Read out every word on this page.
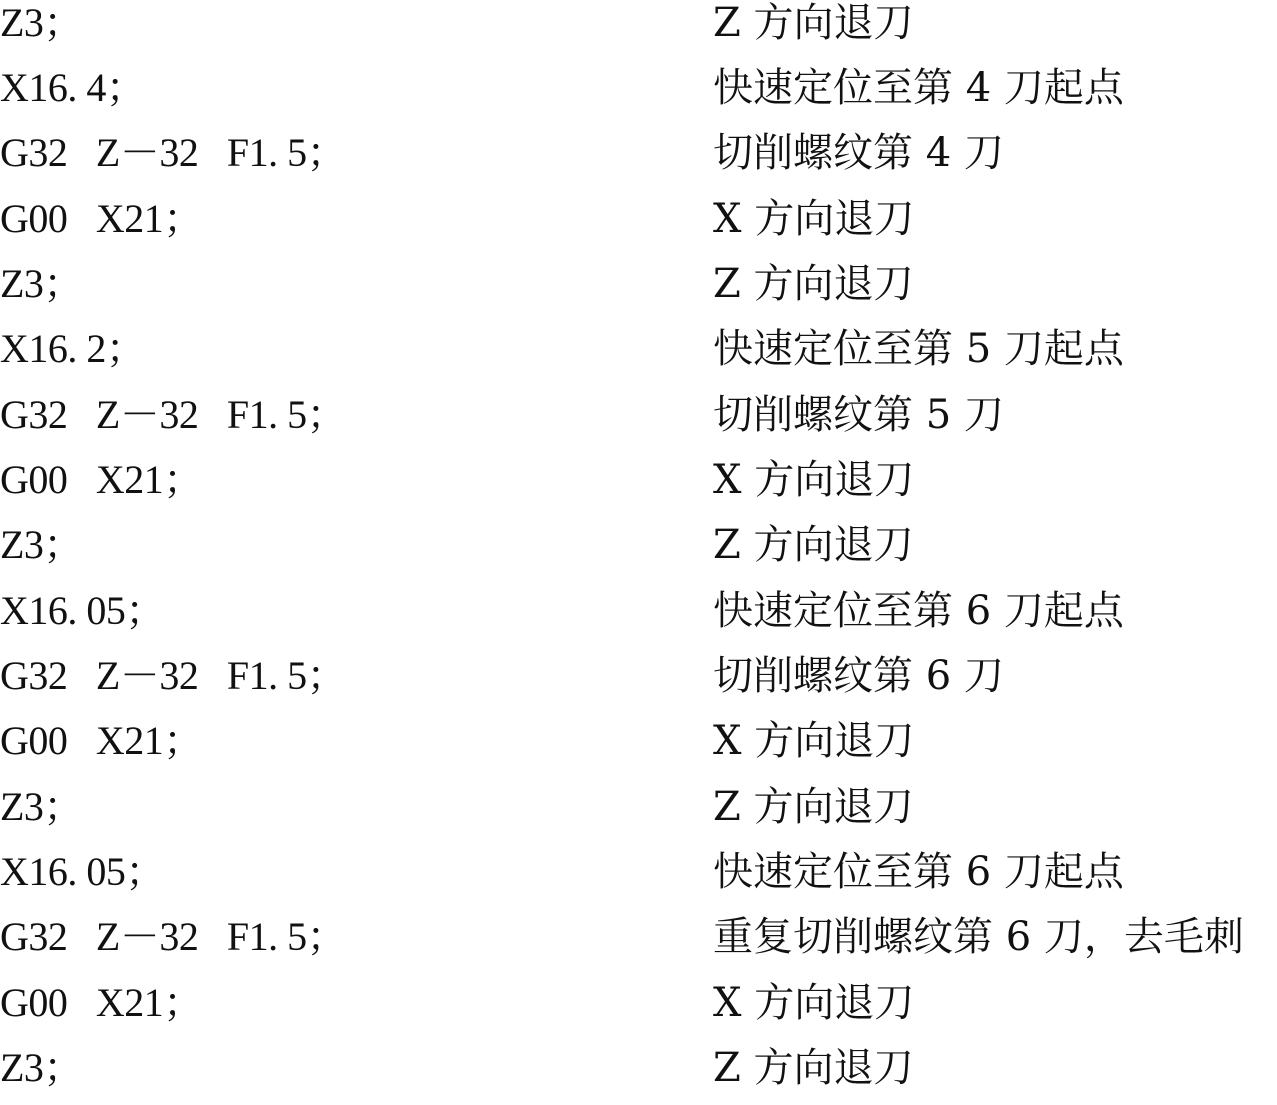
Z3；	Z 方向退刀
X16. 4；	快速定位至第 4 刀起点
G32   Z－32   F1. 5；	切削螺纹第 4 刀
G00   X21；	X 方向退刀
Z3；	Z 方向退刀
X16. 2；	快速定位至第 5 刀起点
G32   Z－32   F1. 5；	切削螺纹第 5 刀
G00   X21；	X 方向退刀
Z3；	Z 方向退刀
X16. 05；	快速定位至第 6 刀起点
G32   Z－32   F1. 5；	切削螺纹第 6 刀
G00   X21；	X 方向退刀
Z3；	Z 方向退刀
X16. 05；	快速定位至第 6 刀起点
G32   Z－32   F1. 5；	重复切削螺纹第 6 刀，去毛刺
G00   X21；	X 方向退刀
Z3；	Z 方向退刀
